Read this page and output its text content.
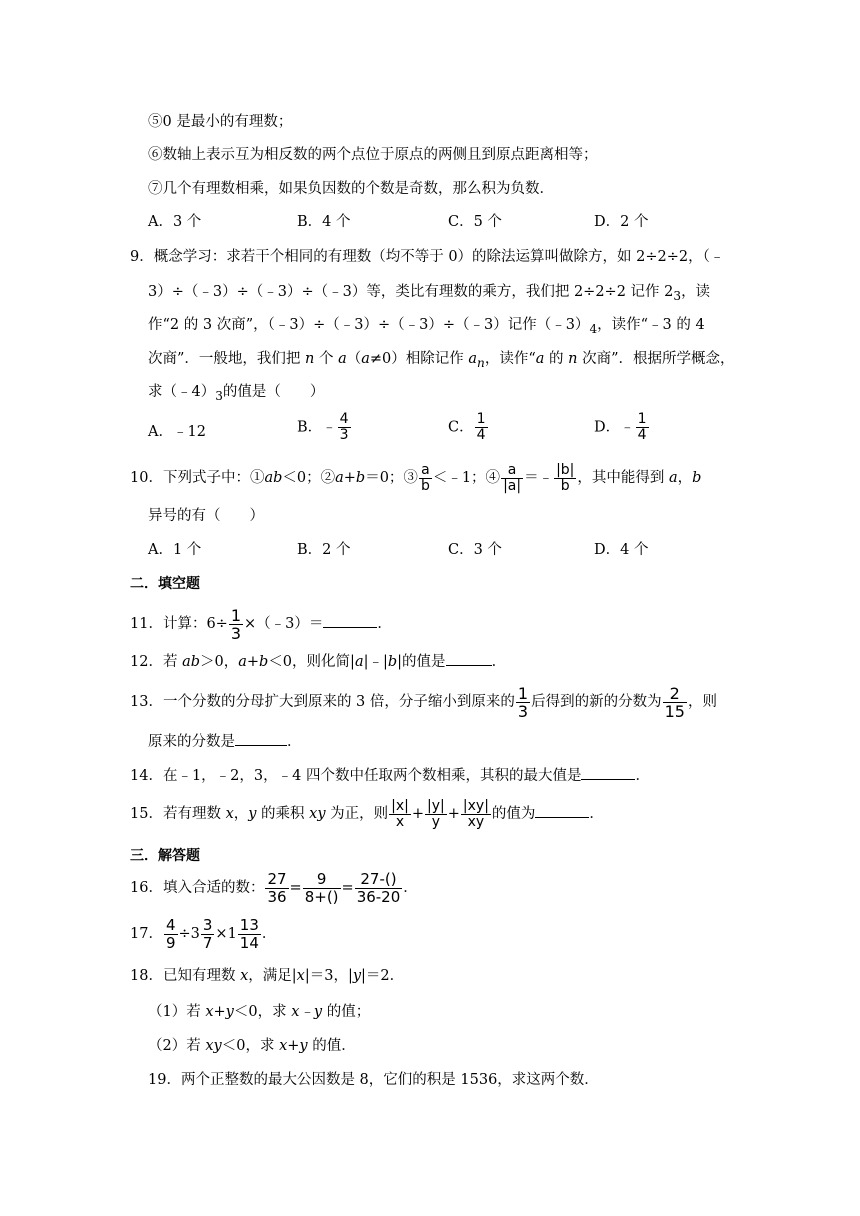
⑤0 是最小的有理数；
⑥数轴上表示互为相反数的两个点位于原点的两侧且到原点距离相等；
⑦几个有理数相乘，如果负因数的个数是奇数，那么积为负数．
A．3 个	B．4 个	C．5 个	D．2 个
9．概念学习：求若干个相同的有理数（均不等于 0）的除法运算叫做除方，如 2÷2÷2，（﹣
3）÷（﹣3）÷（﹣3）÷（﹣3）等，类比有理数的乘方，我们把 2÷2÷2 记作 $2_3$，读
作“2 的 3 次商”，（﹣3）÷（﹣3）÷（﹣3）÷（﹣3）记作$(﹣3)_4$，读作“﹣3 的 4
次商”．一般地，我们把 n 个 a（a≠0）相除记作 $a_n$，读作“a 的 n 次商”．根据所学概念，
求$(﹣4)_3$的值是（　　）
A．﹣12	B．﹣ $\frac{4}{3}$	C． $\frac{1}{4}$	D．﹣ $\frac{1}{4}$
10．下列式子中：①ab＜0；②a+b＝0；③ $\frac{a}{b}$ ＜﹣1；④ $\frac{a}{|a|}$ ＝﹣ $\frac{|b|}{b}$ ，其中能得到 a，b
异号的有（　　）
A．1 个	B．2 个	C．3 个	D．4 个
二．填空题
11．计算：$6\div \frac{1}{3}$ ×（﹣3）＝	．
12．若 ab＞0，a+b＜0，则化简|a|﹣|b|的值是	．
13．一个分数的分母扩大到原来的 3 倍，分子缩小到原来的 $\frac{1}{3}$ 后得到的新的分数为 $\frac{2}{15}$ ，则
原来的分数是	．
14．在﹣1，﹣2，3，﹣4 四个数中任取两个数相乘，其积的最大值是	．
15．若有理数 x，y 的乘积 xy 为正，则 $\frac{|x|}{x} + \frac{|y|}{y} + \frac{|xy|}{xy}$ 的值为	．
三．解答题
16．填入合适的数： $\frac{27}{36} = \frac{9}{8+()} = \frac{27-()}{36-20}$ ．
17． $\frac{4}{9} \div 3 \frac{3}{7} \times 1 \frac{13}{14}$ ．
18．已知有理数 x，满足|x|＝3，|y|＝2．
（1）若 x+y＜0，求 x﹣y 的值；
（2）若 xy＜0，求 x+y 的值．
19．两个正整数的最大公因数是 8，它们的积是 1536，求这两个数．
